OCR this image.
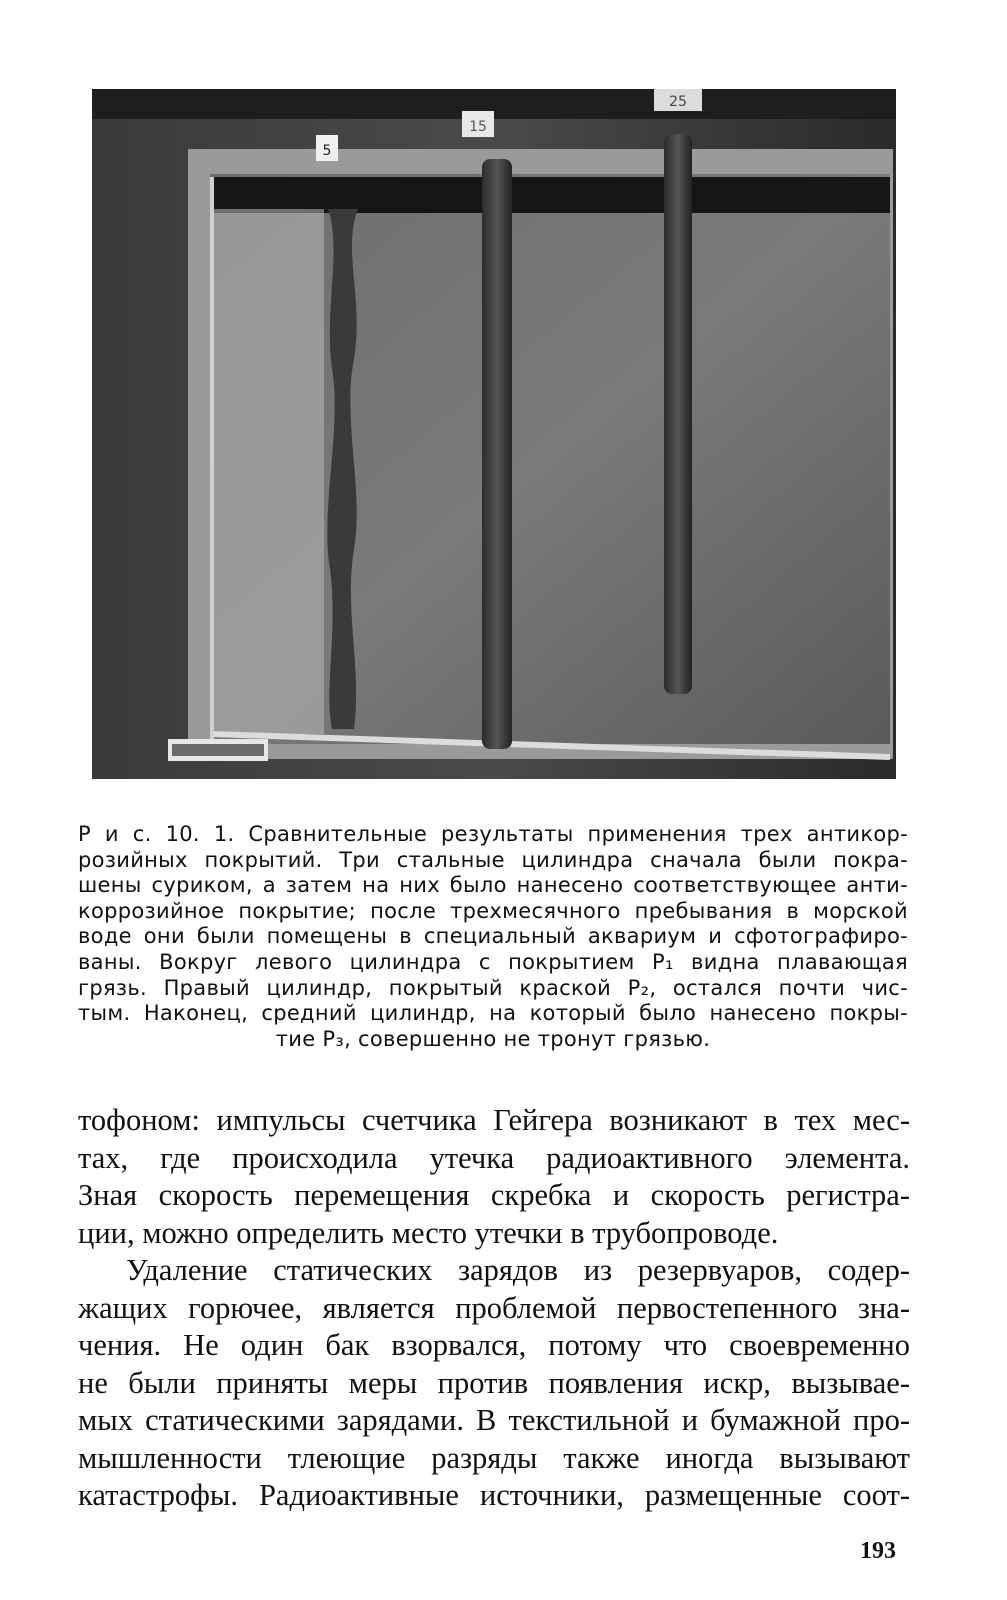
5
15
25
Р и с. 10. 1. Сравнительные результаты применения трех антикор-
розийных покрытий. Три стальные цилиндра сначала были покра-
шены суриком, а затем на них было нанесено соответствующее анти-
коррозийное покрытие; после трехмесячного пребывания в морской
воде они были помещены в специальный аквариум и сфотографиро-
ваны. Вокруг левого цилиндра с покрытием P₁ видна плавающая
грязь. Правый цилиндр, покрытый краской P₂, остался почти чис-
тым. Наконец, средний цилиндр, на который было нанесено покры-
тие P₃, совершенно не тронут грязью.
тофоном: импульсы счетчика Гейгера возникают в тех мес-
тах, где происходила утечка радиоактивного элемента.
Зная скорость перемещения скребка и скорость регистра-
ции, можно определить место утечки в трубопроводе.
Удаление статических зарядов из резервуаров, содер-
жащих горючее, является проблемой первостепенного зна-
чения. Не один бак взорвался, потому что своевременно
не были приняты меры против появления искр, вызывае-
мых статическими зарядами. В текстильной и бумажной про-
мышленности тлеющие разряды также иногда вызывают
катастрофы. Радиоактивные источники, размещенные соот-
193
